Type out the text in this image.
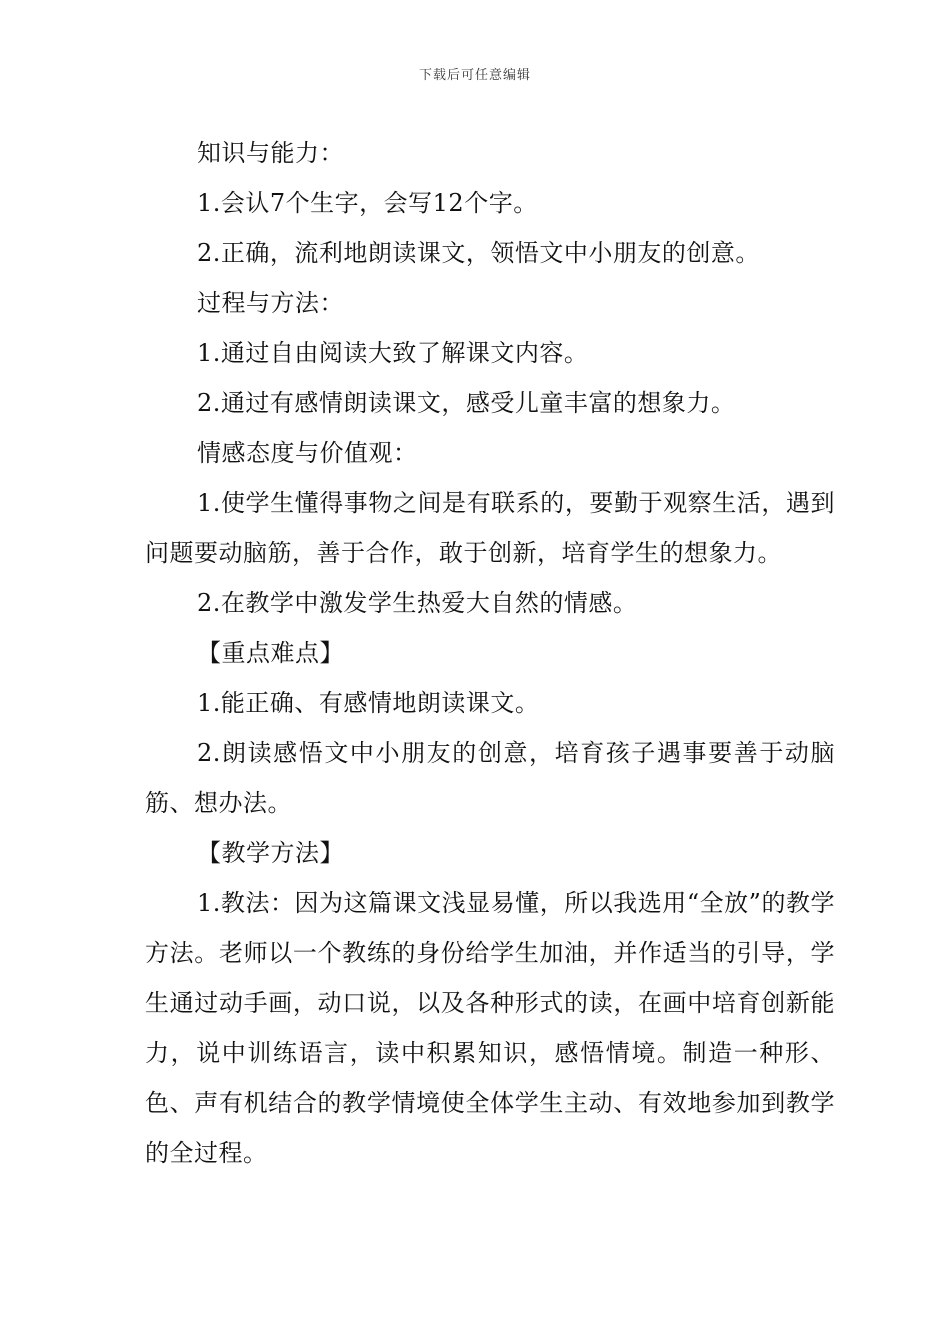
下载后可任意编辑

知识与能力：

1.会认7个生字，会写12个字。

2.正确，流利地朗读课文，领悟文中小朋友的创意。

过程与方法：

1.通过自由阅读大致了解课文内容。

2.通过有感情朗读课文，感受儿童丰富的想象力。

情感态度与价值观：

1.使学生懂得事物之间是有联系的，要勤于观察生活，遇到问题要动脑筋，善于合作，敢于创新，培育学生的想象力。

2.在教学中激发学生热爱大自然的情感。

【重点难点】

1.能正确、有感情地朗读课文。

2.朗读感悟文中小朋友的创意，培育孩子遇事要善于动脑筋、想办法。

【教学方法】

1.教法：因为这篇课文浅显易懂，所以我选用“全放”的教学方法。老师以一个教练的身份给学生加油，并作适当的引导，学生通过动手画，动口说，以及各种形式的读，在画中培育创新能力，说中训练语言，读中积累知识，感悟情境。制造一种形、色、声有机结合的教学情境使全体学生主动、有效地参加到教学的全过程。
